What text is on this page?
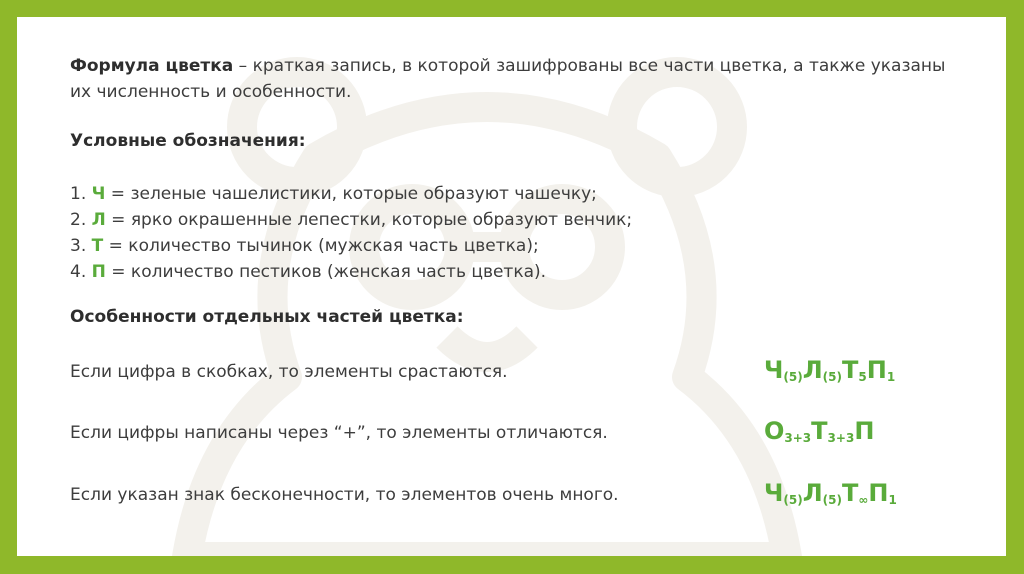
Формула цветка – краткая запись, в которой зашифрованы все части цветка, а также указаны их численность и особенности.
Условные обозначения:
1. Ч = зеленые чашелистики, которые образуют чашечку;
2. Л = ярко окрашенные лепестки, которые образуют венчик;
3. Т = количество тычинок (мужская часть цветка);
4. П = количество пестиков (женская часть цветка).
Особенности отдельных частей цветка:
Если цифра в скобках, то элементы срастаются.	$Ч_{(5)}Л_{(5)}Т_5П_1$
Если цифры написаны через “+”, то элементы отличаются.	$О_{3+3}Т_{3+3}П$
Если указан знак бесконечности, то элементов очень много.	$Ч_{(5)}Л_{(5)}Т_\infty П_1$
